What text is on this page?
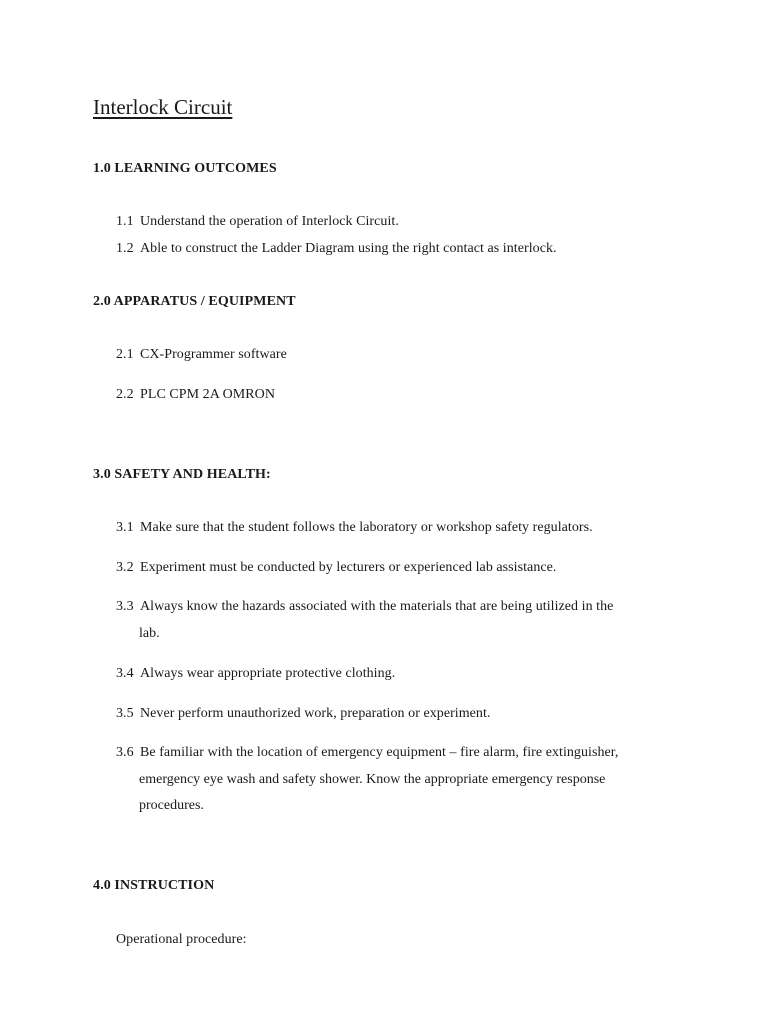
Interlock Circuit
1.0 LEARNING OUTCOMES
1.1 Understand the operation of Interlock Circuit.
1.2 Able to construct the Ladder Diagram using the right contact as interlock.
2.0 APPARATUS / EQUIPMENT
2.1 CX-Programmer software
2.2 PLC CPM 2A OMRON
3.0 SAFETY AND HEALTH:
3.1 Make sure that the student follows the laboratory or workshop safety regulators.
3.2 Experiment must be conducted by lecturers or experienced lab assistance.
3.3 Always know the hazards associated with the materials that are being utilized in the
lab.
3.4 Always wear appropriate protective clothing.
3.5 Never perform unauthorized work, preparation or experiment.
3.6 Be familiar with the location of emergency equipment – fire alarm, fire extinguisher,
emergency eye wash and safety shower. Know the appropriate emergency response
procedures.
4.0 INSTRUCTION
Operational procedure:
